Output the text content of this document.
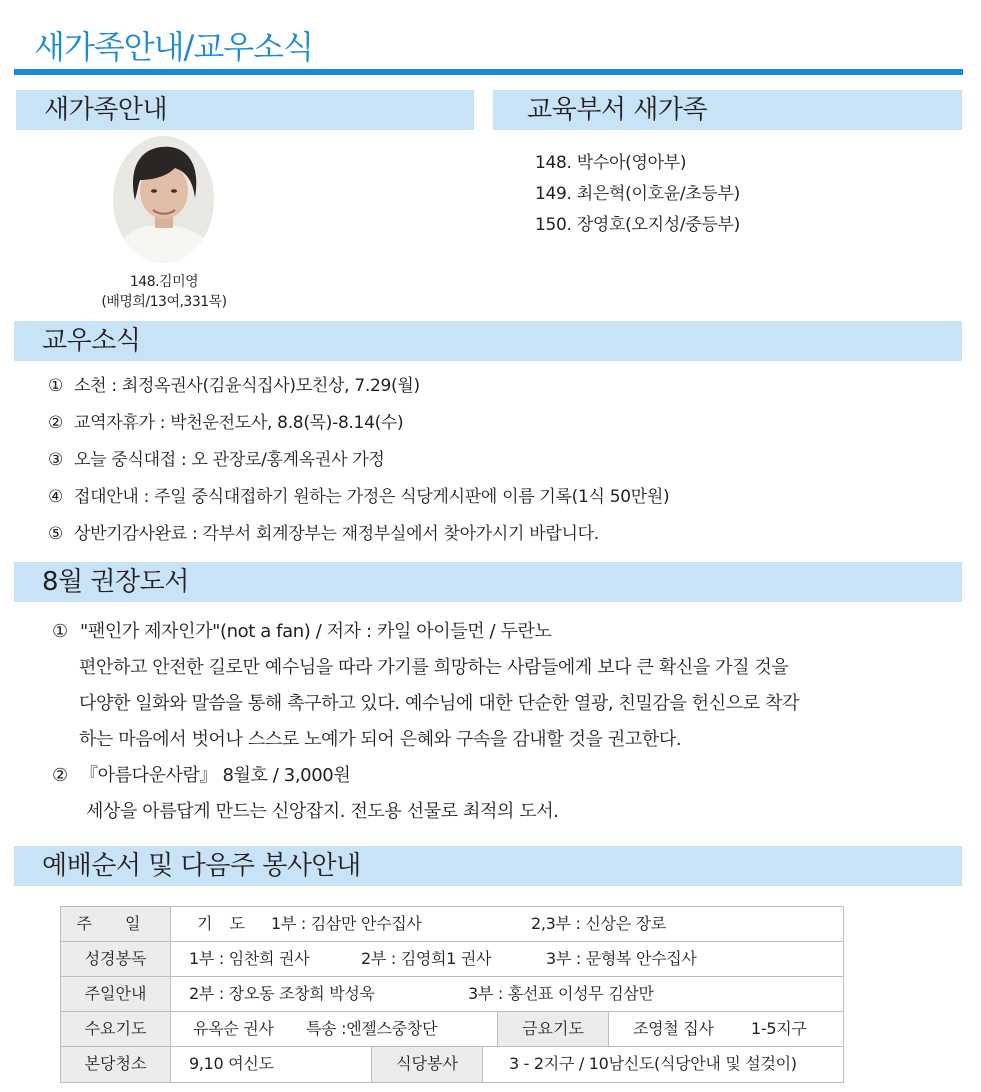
새가족안내/교우소식
새가족안내
148.김미영
(배명희/13여,331목)
교육부서 새가족
148. 박수아(영아부)
149. 최은혁(이호윤/초등부)
150. 장영호(오지성/중등부)
교우소식
① 소천 : 최정옥권사(김윤식집사)모친상, 7.29(월)
② 교역자휴가 : 박천운전도사, 8.8(목)-8.14(수)
③ 오늘 중식대접 : 오 관장로/홍계옥권사 가정
④ 접대안내 : 주일 중식대접하기 원하는 가정은 식당게시판에 이름 기록(1식 50만원)
⑤ 상반기감사완료 : 각부서 회계장부는 재정부실에서 찾아가시기 바랍니다.
8월 권장도서
① "팬인가 제자인가"(not a fan) / 저자 : 카일 아이들먼 / 두란노
편안하고 안전한 길로만 예수님을 따라 가기를 희망하는 사람들에게 보다 큰 확신을 가질 것을
다양한 일화와 말씀을 통해 촉구하고 있다. 예수님에 대한 단순한 열광, 친밀감을 헌신으로 착각
하는 마음에서 벗어나 스스로 노예가 되어 은혜와 구속을 감내할 것을 권고한다.
② 『아름다운사람』 8월호 / 3,000원
세상을 아름답게 만드는 신앙잡지. 전도용 선물로 최적의 도서.
예배순서 및 다음주 봉사안내
주 일	기 도 1부 : 김삼만 안수집사	2,3부 : 신상은 장로
성경봉독	1부 : 임찬희 권사	2부 : 김영희1 권사	3부 : 문형복 안수집사
주일안내	2부 : 장오동 조창희 박성욱	3부 : 홍선표 이성무 김삼만
수요기도	유옥순 권사 특송 :엔젤스중창단	금요기도	조영철 집사 1-5지구
본당청소	9,10 여신도	식당봉사	3 - 2지구 / 10남신도(식당안내 및 설겆이)
